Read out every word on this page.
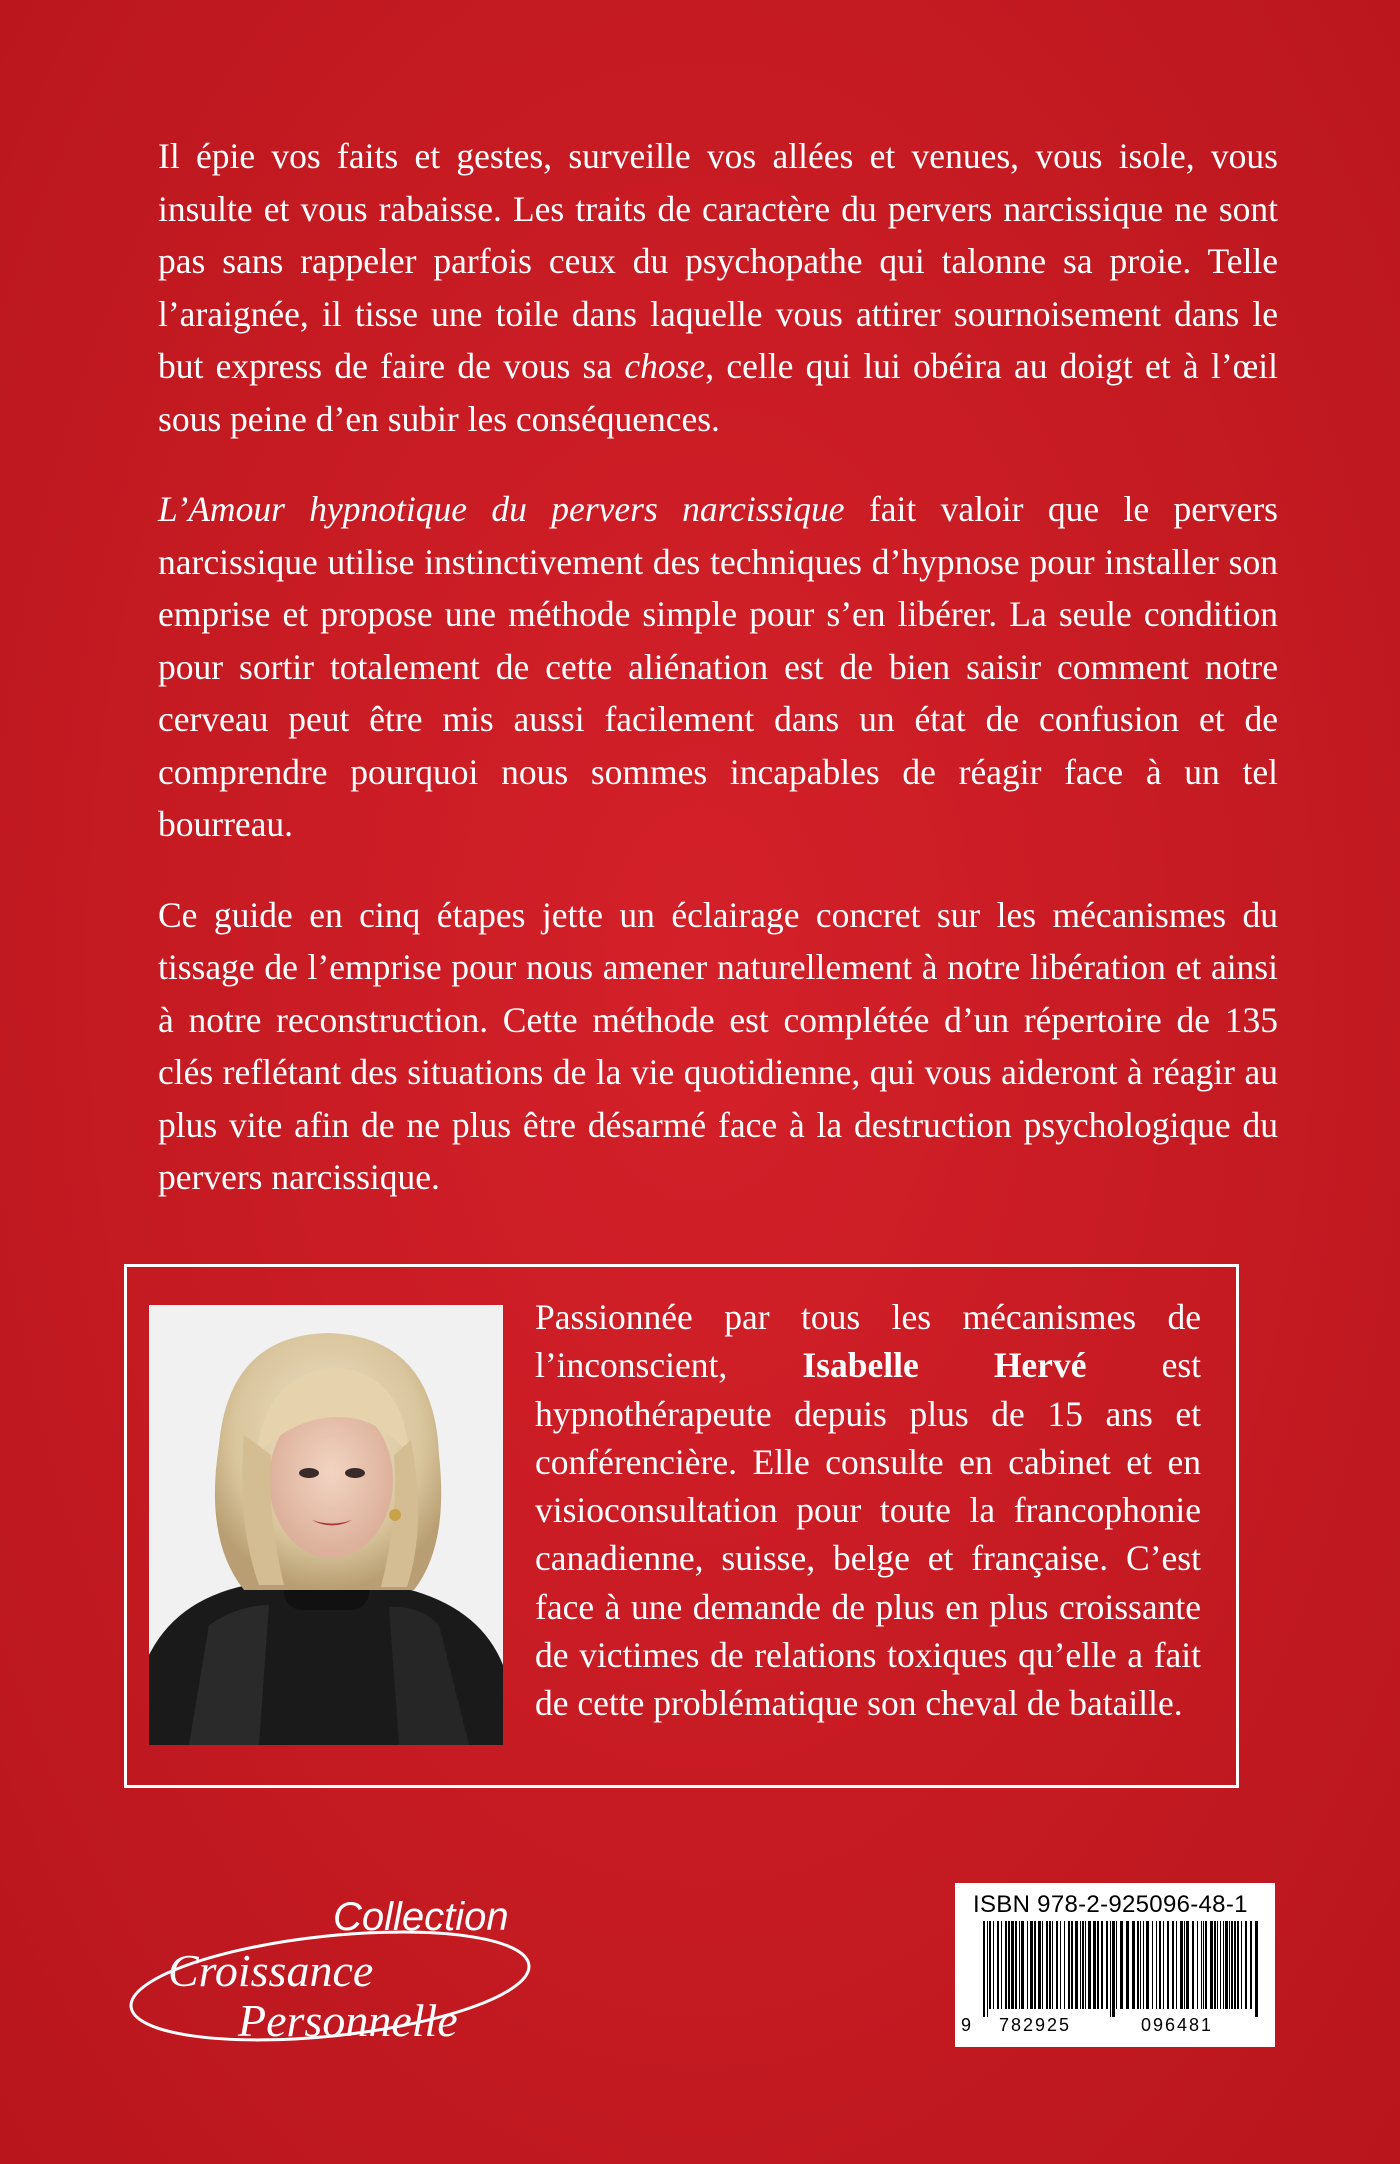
Il épie vos faits et gestes, surveille vos allées et venues, vous isole, vous insulte et vous rabaisse. Les traits de caractère du pervers narcissique ne sont pas sans rappeler parfois ceux du psychopathe qui talonne sa proie. Telle l’araignée, il tisse une toile dans laquelle vous attirer sournoisement dans le but express de faire de vous sa chose, celle qui lui obéira au doigt et à l’œil sous peine d’en subir les conséquences.

L’Amour hypnotique du pervers narcissique fait valoir que le pervers narcissique utilise instinctivement des techniques d’hypnose pour installer son emprise et propose une méthode simple pour s’en libérer. La seule condition pour sortir totalement de cette aliénation est de bien saisir comment notre cerveau peut être mis aussi facilement dans un état de confusion et de comprendre pourquoi nous sommes incapables de réagir face à un tel bourreau.

Ce guide en cinq étapes jette un éclairage concret sur les mécanismes du tissage de l’emprise pour nous amener naturellement à notre libération et ainsi à notre reconstruction. Cette méthode est complétée d’un répertoire de 135 clés reflétant des situations de la vie quotidienne, qui vous aideront à réagir au plus vite afin de ne plus être désarmé face à la destruction psychologique du pervers narcissique.

Passionnée par tous les mécanismes de l’inconscient, Isabelle Hervé est hypnothérapeute depuis plus de 15 ans et conférencière. Elle consulte en cabinet et en visioconsultation pour toute la francophonie canadienne, suisse, belge et française. C’est face à une demande de plus en plus croissante de victimes de relations toxiques qu’elle a fait de cette problématique son cheval de bataille.
Collection
Croissance
Personnelle
ISBN 978-2-925096-48-1
9 782925	096481
